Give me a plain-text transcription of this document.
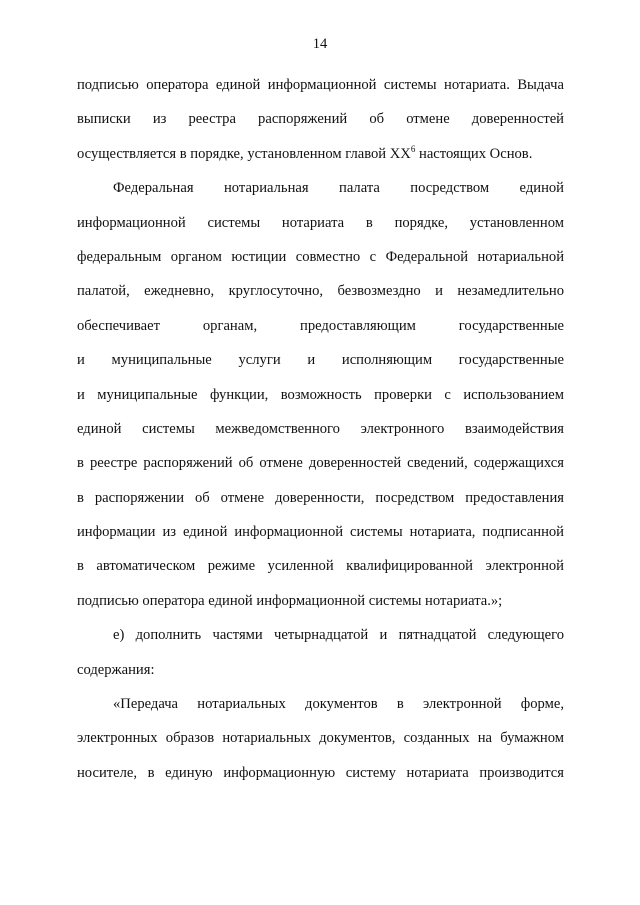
14
подписью оператора единой информационной системы нотариата. Выдача
выписки из реестра распоряжений об отмене доверенностей
осуществляется в порядке, установленном главой $XX^6$ настоящих Основ.
Федеральная нотариальная палата посредством единой
информационной системы нотариата в порядке, установленном
федеральным органом юстиции совместно с Федеральной нотариальной
палатой, ежедневно, круглосуточно, безвозмездно и незамедлительно
обеспечивает органам, предоставляющим государственные
и муниципальные услуги и исполняющим государственные
и муниципальные функции, возможность проверки с использованием
единой системы межведомственного электронного взаимодействия
в реестре распоряжений об отмене доверенностей сведений, содержащихся
в распоряжении об отмене доверенности, посредством предоставления
информации из единой информационной системы нотариата, подписанной
в автоматическом режиме усиленной квалифицированной электронной
подписью оператора единой информационной системы нотариата.»;
е) дополнить частями четырнадцатой и пятнадцатой следующего
содержания:
«Передача нотариальных документов в электронной форме,
электронных образов нотариальных документов, созданных на бумажном
носителе, в единую информационную систему нотариата производится
